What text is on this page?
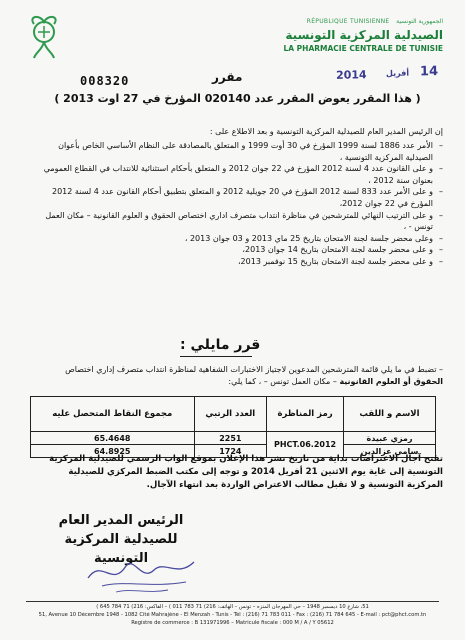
RÉPUBLIQUE TUNISIENNE الجمهورية التونسية
الصيدلية المركزية التونسية
LA PHARMACIE CENTRALE DE TUNISIE
008320	مقرر	2014 أفريل 14
( هذا المقرر يعوض المقرر عدد 020140 المؤرخ في 27 اوت 2013 )
إن الرئيس المدير العام للصيدلية المركزية التونسية و بعد الاطلاع على :
– الأمر عدد 1886 لسنة 1999 المؤرخ في 30 أوت 1999 و المتعلق بالمصادقة على النظام الأساسي الخاص بأعوان الصيدلية المركزية التونسية ،
– و على القانون عدد 4 لسنة 2012 المؤرخ في 22 جوان 2012 و المتعلق بأحكام استثنائية للانتداب في القطاع العمومي بعنوان سنة 2012 ،
– و على الأمر عدد 833 لسنة 2012 المؤرخ في 20 جويلية 2012 و المتعلق بتطبيق أحكام القانون عدد 4 لسنة 2012 المؤرخ في 22 جوان 2012،
– و على الترتيب النهائي للمترشحين في مناظرة انتداب متصرف اداري اختصاص الحقوق و العلوم القانونية – مكان العمل تونس - ،
– وعلى محضر جلسة لجنة الامتحان بتاريخ 25 ماي 2013 و 03 جوان 2013 ،
– و على محضر جلسة لجنة الامتحان بتاريخ 14 جوان 2013،
– و على محضر جلسة لجنة الامتحان بتاريخ 15 نوفمبر 2013،
قرر مايلي :
– تضبط في ما يلي قائمة المترشحين المدعوين لاجتياز الاختبارات الشفاهية لمناظرة انتداب متصرف إداري اختصاص الحقوق أو العلوم القانونية – مكان العمل تونس – ، كما يلي:
الاسم و اللقب	رمز المناظرة	العدد الرتبي	مجموع النقاط المتحصل عليه
رمزي عبيدة	PHCT.06.2012	2251	65.4648
سامي عزالدين		1724	64.8925
تفتح آجال الاعتراضات بداية من تاريخ نشر هذا الإعلان بموقع الواب الرسمي للصيدلية المركزية التونسية إلى غاية يوم الاثنين 21 أفريل 2014 و توجه إلى مكتب الضبط المركزي للصيدلية المركزية التونسية و لا تقبل مطالب الاعتراض الواردة بعد انتهاء الآجال.
الرئيس المدير العام
للصيدلية المركزية التونسية
51، شارع 10 ديسمبر 1948 – حي المهرجان المنزه – تونس – الهاتف: 216) 71 783 011 ) – الفاكس: 216) 71 784 645 )
51, Avenue 10 Décembre 1948 - 1082 Cité Mahrajène - El Menzah - Tunis - Tél : (216) 71 783 011 - Fax : (216) 71 784 645 - E-mail : pct@phct.com.tn
Registre de commerce : B 131971996 – Matricule fiscale : 000 M / A / Y 05612
